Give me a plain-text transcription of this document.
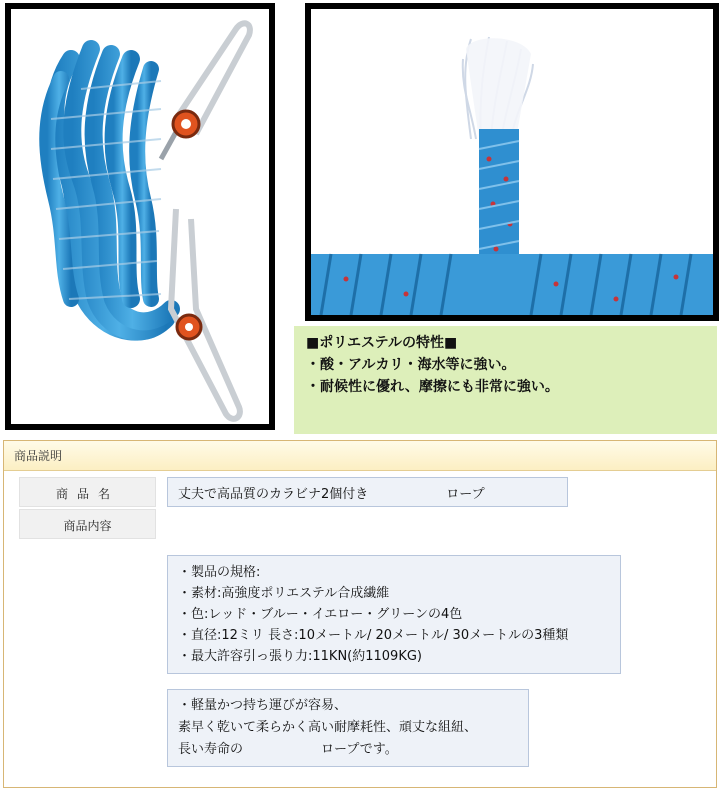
■ポリエステルの特性■
・酸・アルカリ・海水等に強い。
・耐候性に優れ、摩擦にも非常に強い。
商品説明
商品名	丈夫で高品質のカラビナ2個付き	ロープ
商品内容
・製品の規格:
・素材:高強度ポリエステル合成繊維
・色:レッド・ブルー・イエロー・グリーンの4色
・直径:12ミリ 長さ:10メートル/ 20メートル/ 30メートルの3種類
・最大許容引っ張り力:11KN(約1109KG)
・軽量かつ持ち運びが容易、
素早く乾いて柔らかく高い耐摩耗性、頑丈な組紐、
長い寿命の	ロープです。
